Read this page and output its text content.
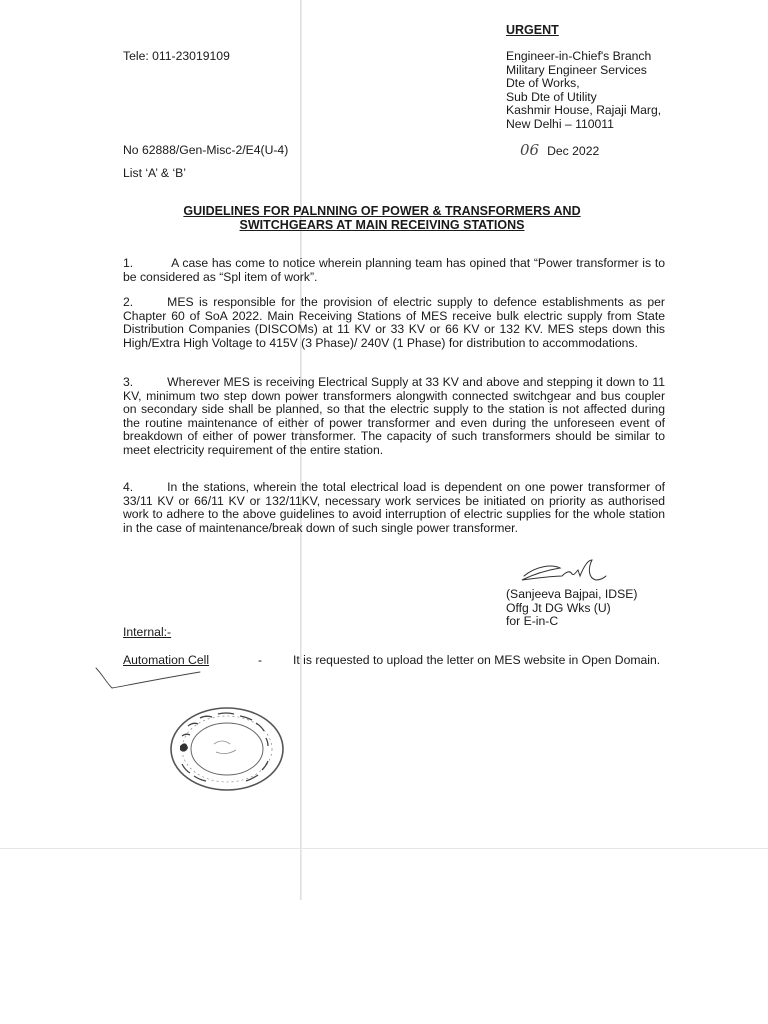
URGENT
Tele: 011-23019109	Engineer-in-Chief's Branch
Military Engineer Services
Dte of Works,
Sub Dte of Utility
Kashmir House, Rajaji Marg,
New Delhi – 110011
No 62888/Gen-Misc-2/E4(U-4)	06 Dec 2022
List ‘A’ & ‘B’
GUIDELINES FOR PALNNING OF POWER & TRANSFORMERS AND
SWITCHGEARS AT MAIN RECEIVING STATIONS
1.	A case has come to notice wherein planning team has opined that “Power transformer is to be considered as “Spl item of work”.
2.	MES is responsible for the provision of electric supply to defence establishments as per Chapter 60 of SoA 2022. Main Receiving Stations of MES receive bulk electric supply from State Distribution Companies (DISCOMs) at 11 KV or 33 KV or 66 KV or 132 KV. MES steps down this High/Extra High Voltage to 415V (3 Phase)/ 240V (1 Phase) for distribution to accommodations.
3.	Wherever MES is receiving Electrical Supply at 33 KV and above and stepping it down to 11 KV, minimum two step down power transformers alongwith connected switchgear and bus coupler on secondary side shall be planned, so that the electric supply to the station is not affected during the routine maintenance of either of power transformer and even during the unforeseen event of breakdown of either of power transformer. The capacity of such transformers should be similar to meet electricity requirement of the entire station.
4.	In the stations, wherein the total electrical load is dependent on one power transformer of 33/11 KV or 66/11 KV or 132/11KV, necessary work services be initiated on priority as authorised work to adhere to the above guidelines to avoid interruption of electric supplies for the whole station in the case of maintenance/break down of such single power transformer.
(Sanjeeva Bajpai, IDSE)
Offg Jt DG Wks (U)
for E-in-C
Internal:-
Automation Cell	-	It is requested to upload the letter on MES website in Open Domain.
